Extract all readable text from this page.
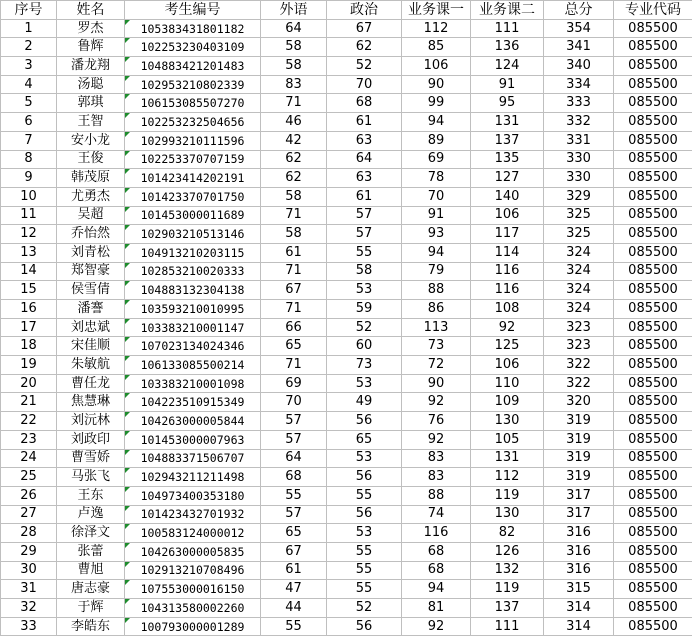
序号	姓名	考生编号	外语	政治	业务课一	业务课二	总分	专业代码
1	罗杰	105383431801182	64	67	112	111	354	085500
2	鲁辉	102253230403109	58	62	85	136	341	085500
3	潘龙翔	104883421201483	58	52	106	124	340	085500
4	汤聪	102953210802339	83	70	90	91	334	085500
5	郭琪	106153085507270	71	68	99	95	333	085500
6	王智	102253232504656	46	61	94	131	332	085500
7	安小龙	102993210111596	42	63	89	137	331	085500
8	王俊	102253370707159	62	64	69	135	330	085500
9	韩茂原	101423414202191	62	63	78	127	330	085500
10	尤勇杰	101423370701750	58	61	70	140	329	085500
11	吴超	101453000011689	71	57	91	106	325	085500
12	乔怡然	102903210513146	58	57	93	117	325	085500
13	刘青松	104913210203115	61	55	94	114	324	085500
14	郑智豪	102853210020333	71	58	79	116	324	085500
15	侯雪倩	104883132304138	67	53	88	116	324	085500
16	潘謇	103593210010995	71	59	86	108	324	085500
17	刘忠斌	103383210001147	66	52	113	92	323	085500
18	宋佳顺	107023134024346	65	60	73	125	323	085500
19	朱敏航	106133085500214	71	73	72	106	322	085500
20	曹任龙	103383210001098	69	53	90	110	322	085500
21	焦慧琳	104223510915349	70	49	92	109	320	085500
22	刘沅林	104263000005844	57	56	76	130	319	085500
23	刘政印	101453000007963	57	65	92	105	319	085500
24	曹雪娇	104883371506707	64	53	83	131	319	085500
25	马张飞	102943211211498	68	56	83	112	319	085500
26	王东	104973400353180	55	55	88	119	317	085500
27	卢逸	101423432701932	57	56	74	130	317	085500
28	徐泽文	100583124000012	65	53	116	82	316	085500
29	张蕾	104263000005835	67	55	68	126	316	085500
30	曹旭	102913210708496	61	55	68	132	316	085500
31	唐志豪	107553000016150	47	55	94	119	315	085500
32	于辉	104313580002260	44	52	81	137	314	085500
33	李皓东	100793000001289	55	56	92	111	314	085500
